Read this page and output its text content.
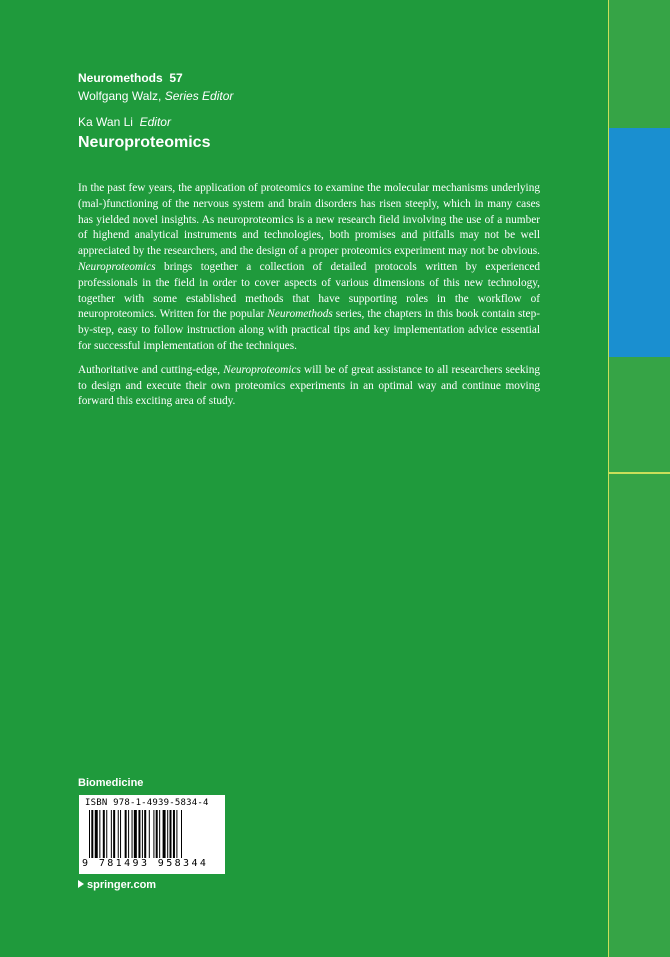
Neuromethods 57
Wolfgang Walz, Series Editor
Ka Wan Li Editor
Neuroproteomics

In the past few years, the application of proteomics to examine the molecular mechanisms underlying (mal-)functioning of the nervous system and brain disorders has risen steeply, which in many cases has yielded novel insights. As neuroproteomics is a new research field involving the use of a number of highend analytical instruments and technologies, both promises and pitfalls may not be well appreciated by the researchers, and the design of a proper proteomics experiment may not be obvious. Neuroproteomics brings together a collection of detailed protocols written by experienced professionals in the field in order to cover aspects of various dimensions of this new technology, together with some established methods that have supporting roles in the workflow of neuroproteomics. Written for the popular Neuromethods series, the chapters in this book contain step-by-step, easy to follow instruction along with practical tips and key implementation advice essential for successful implementation of the techniques.

Authoritative and cutting-edge, Neuroproteomics will be of great assistance to all researchers seeking to design and execute their own proteomics experiments in an optimal way and continue moving forward this exciting area of study.

Biomedicine
ISBN 978-1-4939-5834-4
9 781493 958344
springer.com
